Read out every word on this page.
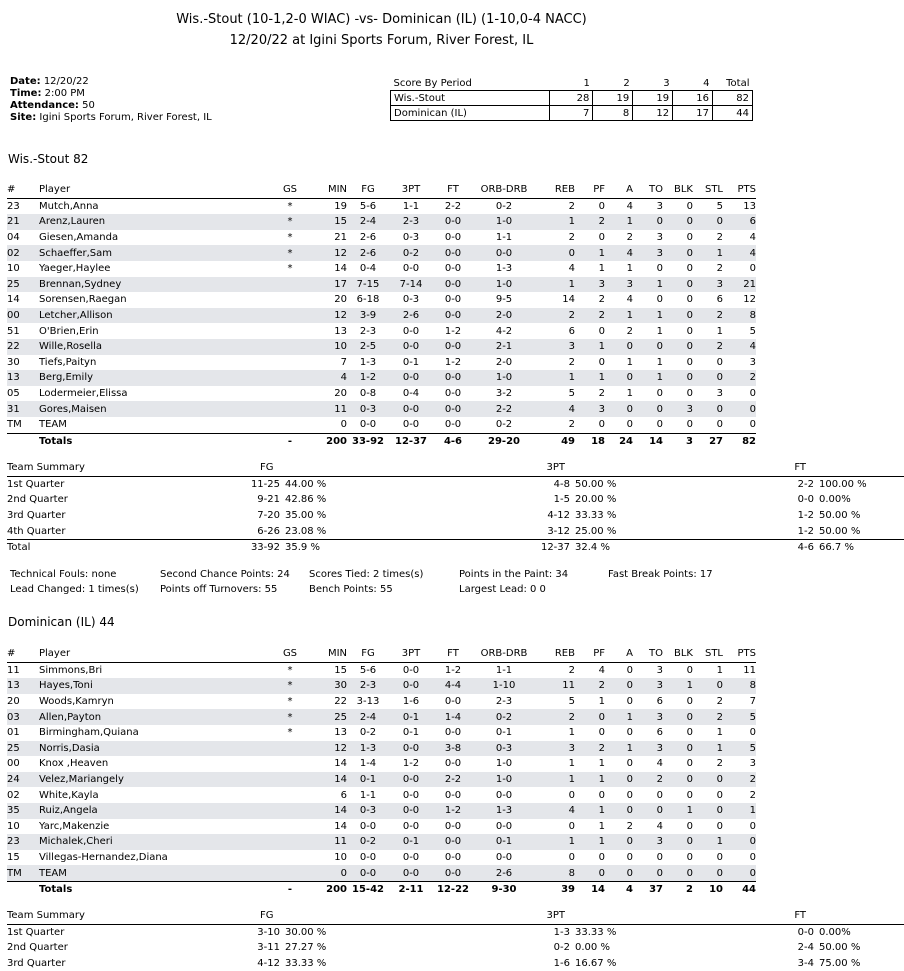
Wis.-Stout (10-1,2-0 WIAC) -vs- Dominican (IL) (1-10,0-4 NACC)
12/20/22 at Igini Sports Forum, River Forest, IL
Date: 12/20/22
Time: 2:00 PM
Attendance: 50
Site: Igini Sports Forum, River Forest, IL
Score By Period	1	2	3	4	Total
Wis.-Stout	28	19	19	16	82
Dominican (IL)	7	8	12	17	44
Wis.-Stout 82
#	Player	GS	MIN	FG	3PT	FT	ORB-DRB	REB	PF	A	TO	BLK	STL	PTS
23	Mutch,Anna	*	19	5-6	1-1	2-2	0-2	2	0	4	3	0	5	13
21	Arenz,Lauren	*	15	2-4	2-3	0-0	1-0	1	2	1	0	0	0	6
04	Giesen,Amanda	*	21	2-6	0-3	0-0	1-1	2	0	2	3	0	2	4
02	Schaeffer,Sam	*	12	2-6	0-2	0-0	0-0	0	1	4	3	0	1	4
10	Yaeger,Haylee	*	14	0-4	0-0	0-0	1-3	4	1	1	0	0	2	0
25	Brennan,Sydney		17	7-15	7-14	0-0	1-0	1	3	3	1	0	3	21
14	Sorensen,Raegan		20	6-18	0-3	0-0	9-5	14	2	4	0	0	6	12
00	Letcher,Allison		12	3-9	2-6	0-0	2-0	2	2	1	1	0	2	8
51	O'Brien,Erin		13	2-3	0-0	1-2	4-2	6	0	2	1	0	1	5
22	Wille,Rosella		10	2-5	0-0	0-0	2-1	3	1	0	0	0	2	4
30	Tiefs,Paityn		7	1-3	0-1	1-2	2-0	2	0	1	1	0	0	3
13	Berg,Emily		4	1-2	0-0	0-0	1-0	1	1	0	1	0	0	2
05	Lodermeier,Elissa		20	0-8	0-4	0-0	3-2	5	2	1	0	0	3	0
31	Gores,Maisen		11	0-3	0-0	0-0	2-2	4	3	0	0	3	0	0
TM	TEAM		0	0-0	0-0	0-0	0-2	2	0	0	0	0	0	0
	Totals	-	200	33-92	12-37	4-6	29-20	49	18	24	14	3	27	82
Team Summary	FG		3PT		FT	
1st Quarter	11-25	44.00 %	4-8	50.00 %	2-2	100.00 %
2nd Quarter	9-21	42.86 %	1-5	20.00 %	0-0	0.00%
3rd Quarter	7-20	35.00 %	4-12	33.33 %	1-2	50.00 %
4th Quarter	6-26	23.08 %	3-12	25.00 %	1-2	50.00 %
Total	33-92	35.9 %	12-37	32.4 %	4-6	66.7 %
Technical Fouls: none	Second Chance Points: 24 Scores Tied: 2 times(s)	Points in the Paint: 34	Fast Break Points: 17
Lead Changed: 1 times(s) Points off Turnovers: 55	Bench Points: 55	Largest Lead: 0 0
Dominican (IL) 44
#	Player	GS	MIN	FG	3PT	FT	ORB-DRB	REB	PF	A	TO	BLK	STL	PTS
11	Simmons,Bri	*	15	5-6	0-0	1-2	1-1	2	4	0	3	0	1	11
13	Hayes,Toni	*	30	2-3	0-0	4-4	1-10	11	2	0	3	1	0	8
20	Woods,Kamryn	*	22	3-13	1-6	0-0	2-3	5	1	0	6	0	2	7
03	Allen,Payton	*	25	2-4	0-1	1-4	0-2	2	0	1	3	0	2	5
01	Birmingham,Quiana	*	13	0-2	0-1	0-0	0-1	1	0	0	6	0	1	0
25	Norris,Dasia		12	1-3	0-0	3-8	0-3	3	2	1	3	0	1	5
00	Knox ,Heaven		14	1-4	1-2	0-0	1-0	1	1	0	4	0	2	3
24	Velez,Mariangely		14	0-1	0-0	2-2	1-0	1	1	0	2	0	0	2
02	White,Kayla		6	1-1	0-0	0-0	0-0	0	0	0	0	0	0	2
35	Ruiz,Angela		14	0-3	0-0	1-2	1-3	4	1	0	0	1	0	1
10	Yarc,Makenzie		14	0-0	0-0	0-0	0-0	0	1	2	4	0	0	0
23	Michalek,Cheri		11	0-2	0-1	0-0	0-1	1	1	0	3	0	1	0
15	Villegas-Hernandez,Diana		10	0-0	0-0	0-0	0-0	0	0	0	0	0	0	0
TM	TEAM		0	0-0	0-0	0-0	2-6	8	0	0	0	0	0	0
	Totals	-	200	15-42	2-11	12-22	9-30	39	14	4	37	2	10	44
Team Summary	FG		3PT		FT	
1st Quarter	3-10	30.00 %	1-3	33.33 %	0-0	0.00%
2nd Quarter	3-11	27.27 %	0-2	0.00 %	2-4	50.00 %
3rd Quarter	4-12	33.33 %	1-6	16.67 %	3-4	75.00 %
